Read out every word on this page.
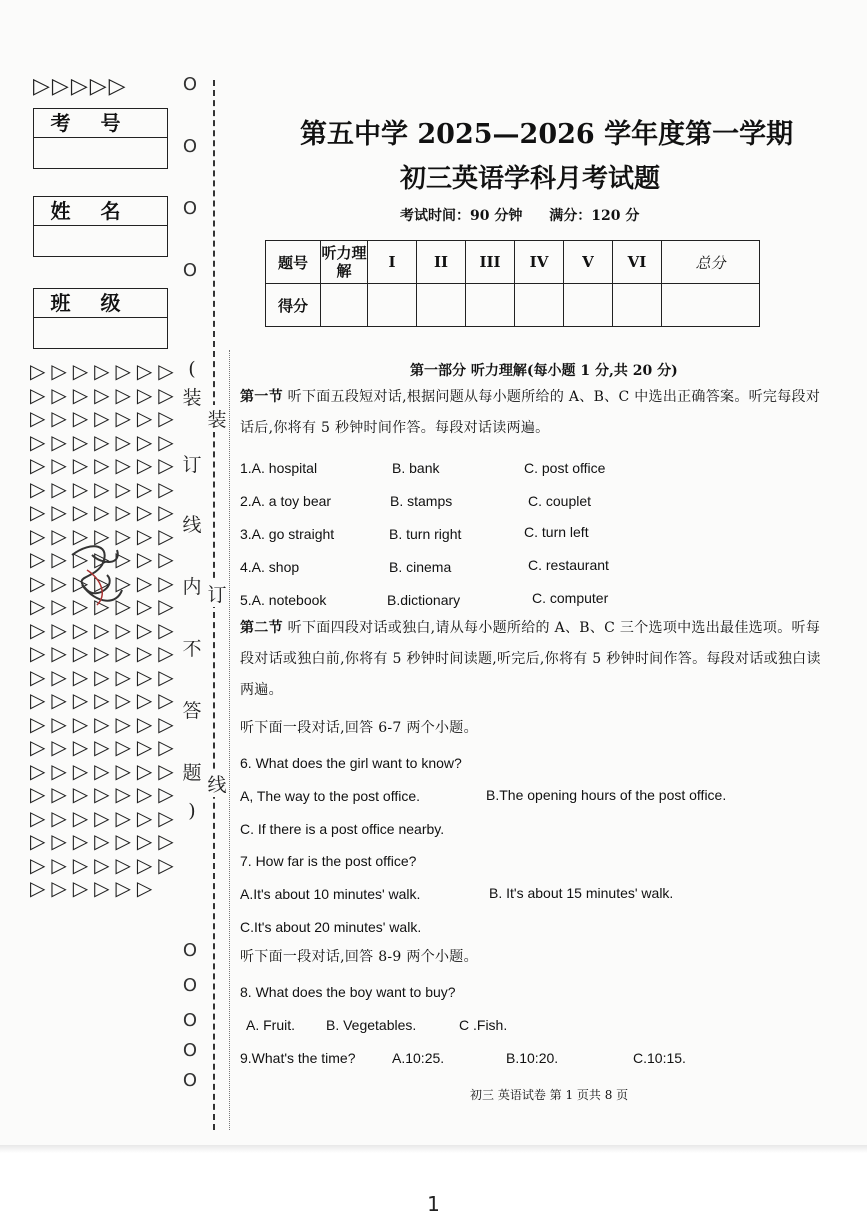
▷▷▷▷▷
考号
姓名
班级
▷▷▷▷▷▷▷▷▷▷▷▷▷▷▷▷▷▷▷▷▷▷▷▷▷▷▷▷▷▷▷▷▷▷▷▷▷▷▷▷▷▷▷▷▷▷▷▷▷▷▷▷▷▷▷▷▷▷▷▷▷▷▷▷▷▷▷▷▷▷▷▷▷▷▷▷▷▷▷▷▷▷▷▷▷▷▷▷▷▷▷▷▷▷▷▷▷▷▷▷▷▷▷▷▷▷▷▷▷▷▷▷▷▷▷▷▷▷▷▷▷▷▷▷▷▷▷▷▷▷▷▷▷▷▷▷▷▷▷▷▷▷▷▷▷▷▷▷▷▷▷▷▷▷▷▷▷▷▷▷
O
O
O
O
O
O
O
O
O
(
装
订
线
内
不
答
题
)
装
订
线
第五中学 2025—2026 学年度第一学期
初三英语学科月考试题
考试时间：90 分钟 满分：120 分
题号	听力理解	I	II	III	IV	V	VI	总分
得分								
第一部分 听力理解(每小题 1 分,共 20 分)
第一节 听下面五段短对话,根据问题从每小题所给的 A、B、C 中选出正确答案。听完每段对话后,你将有 5 秒钟时间作答。每段对话读两遍。
1.A. hospital	B. bank	C. post office
2.A. a toy bear	B. stamps	C. couplet
3.A. go straight	B. turn right	C. turn left
4.A. shop	B. cinema	C. restaurant
5.A. notebook	B.dictionary	C. computer
第二节 听下面四段对话或独白,请从每小题所给的 A、B、C 三个选项中选出最佳选项。听每段对话或独白前,你将有 5 秒钟时间读题,听完后,你将有 5 秒钟时间作答。每段对话或独白读两遍。
听下面一段对话,回答 6-7 两个小题。
6. What does the girl want to know?
A, The way to the post office.	B.The opening hours of the post office.
C. If there is a post office nearby.
7. How far is the post office?
A.It's about 10 minutes' walk.	B. It's about 15 minutes' walk.
C.It's about 20 minutes' walk.
听下面一段对话,回答 8-9 两个小题。
8. What does the boy want to buy?
A. Fruit. B. Vegetables.	C .Fish.
9.What's the time?	A.10:25.	B.10:20.	C.10:15.
初三 英语试卷 第 1 页共 8 页
1
